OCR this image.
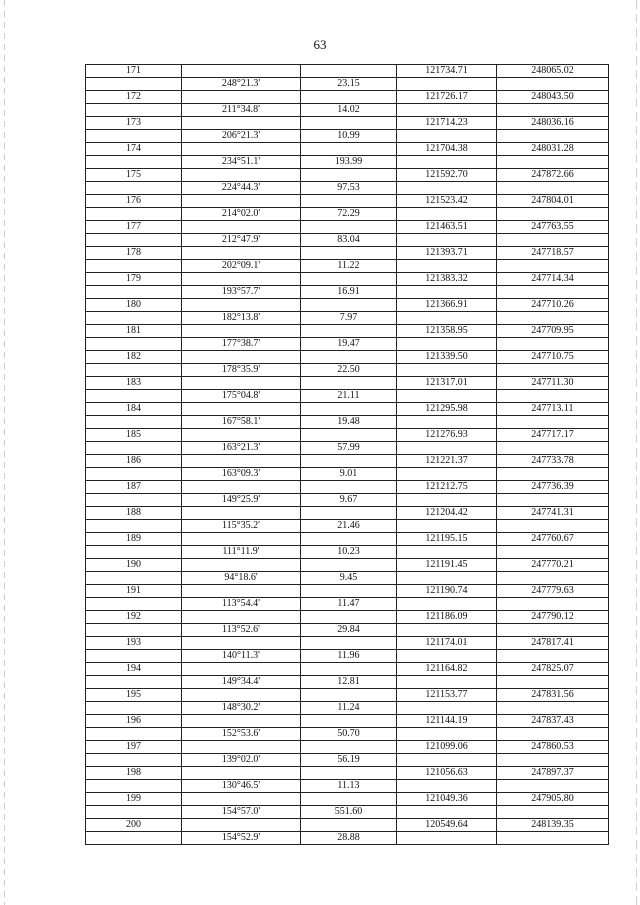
63
171			121734.71	248065.02
	248°21.3'	23.15		
172			121726.17	248043.50
	211°34.8'	14.02		
173			121714.23	248036.16
	206°21.3'	10.99		
174			121704.38	248031.28
	234°51.1'	193.99		
175			121592.70	247872.66
	224°44.3'	97.53		
176			121523.42	247804.01
	214°02.0'	72.29		
177			121463.51	247763.55
	212°47.9'	83.04		
178			121393.71	247718.57
	202°09.1'	11.22		
179			121383.32	247714.34
	193°57.7'	16.91		
180			121366.91	247710.26
	182°13.8'	7.97		
181			121358.95	247709.95
	177°38.7'	19.47		
182			121339.50	247710.75
	178°35.9'	22.50		
183			121317.01	247711.30
	175°04.8'	21.11		
184			121295.98	247713.11
	167°58.1'	19.48		
185			121276.93	247717.17
	163°21.3'	57.99		
186			121221.37	247733.78
	163°09.3'	9.01		
187			121212.75	247736.39
	149°25.9'	9.67		
188			121204.42	247741.31
	115°35.2'	21.46		
189			121195.15	247760.67
	111°11.9'	10.23		
190			121191.45	247770.21
	94°18.6'	9.45		
191			121190.74	247779.63
	113°54.4'	11.47		
192			121186.09	247790.12
	113°52.6'	29.84		
193			121174.01	247817.41
	140°11.3'	11.96		
194			121164.82	247825.07
	149°34.4'	12.81		
195			121153.77	247831.56
	148°30.2'	11.24		
196			121144.19	247837.43
	152°53.6'	50.70		
197			121099.06	247860.53
	139°02.0'	56.19		
198			121056.63	247897.37
	130°46.5'	11.13		
199			121049.36	247905.80
	154°57.0'	551.60		
200			120549.64	248139.35
	154°52.9'	28.88		
